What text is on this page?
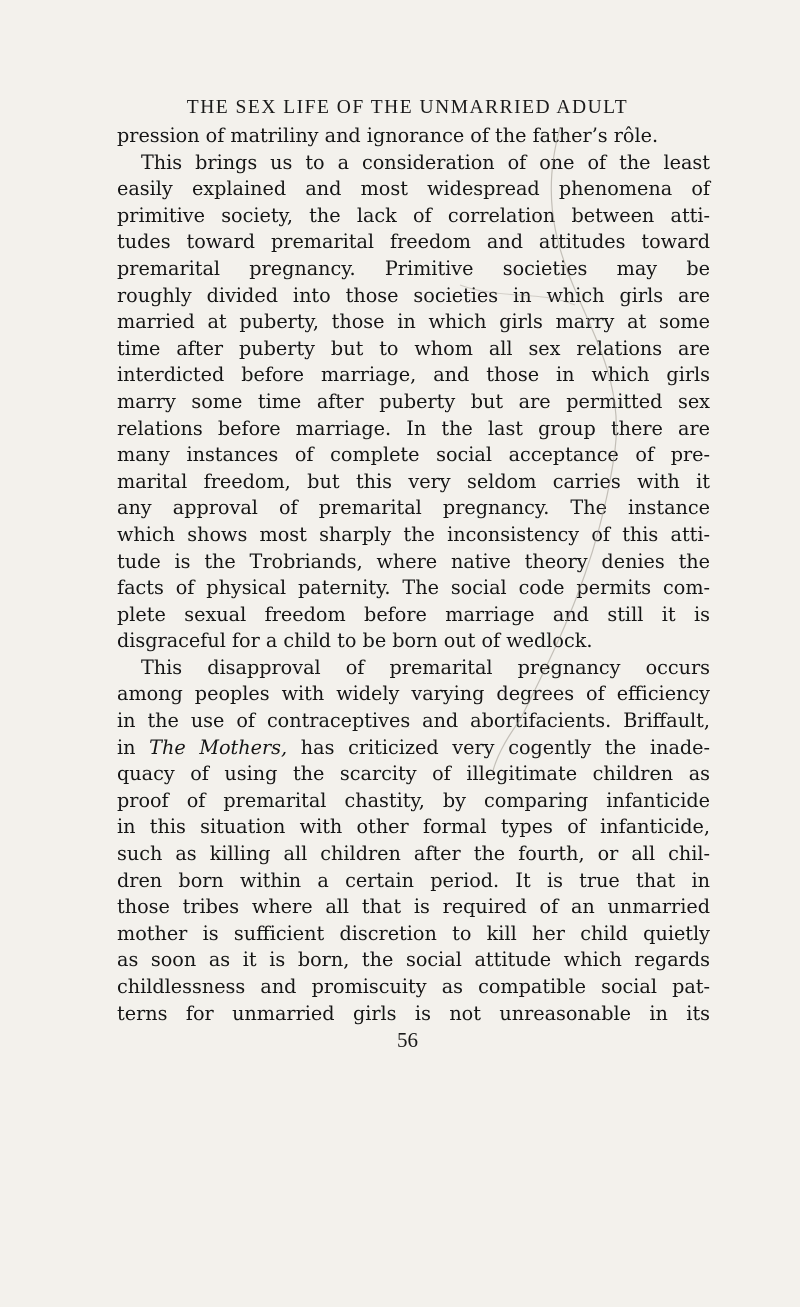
THE SEX LIFE OF THE UNMARRIED ADULT
pression of matriliny and ignorance of the father’s rôle.
This brings us to a consideration of one of the least
easily explained and most widespread phenomena of
primitive society, the lack of correlation between atti-
tudes toward premarital freedom and attitudes toward
premarital pregnancy. Primitive societies may be
roughly divided into those societies in which girls are
married at puberty, those in which girls marry at some
time after puberty but to whom all sex relations are
interdicted before marriage, and those in which girls
marry some time after puberty but are permitted sex
relations before marriage. In the last group there are
many instances of complete social acceptance of pre-
marital freedom, but this very seldom carries with it
any approval of premarital pregnancy. The instance
which shows most sharply the inconsistency of this atti-
tude is the Trobriands, where native theory denies the
facts of physical paternity. The social code permits com-
plete sexual freedom before marriage and still it is
disgraceful for a child to be born out of wedlock.
This disapproval of premarital pregnancy occurs
among peoples with widely varying degrees of efficiency
in the use of contraceptives and abortifacients. Briffault,
in The Mothers, has criticized very cogently the inade-
quacy of using the scarcity of illegitimate children as
proof of premarital chastity, by comparing infanticide
in this situation with other formal types of infanticide,
such as killing all children after the fourth, or all chil-
dren born within a certain period. It is true that in
those tribes where all that is required of an unmarried
mother is sufficient discretion to kill her child quietly
as soon as it is born, the social attitude which regards
childlessness and promiscuity as compatible social pat-
terns for unmarried girls is not unreasonable in its
56
